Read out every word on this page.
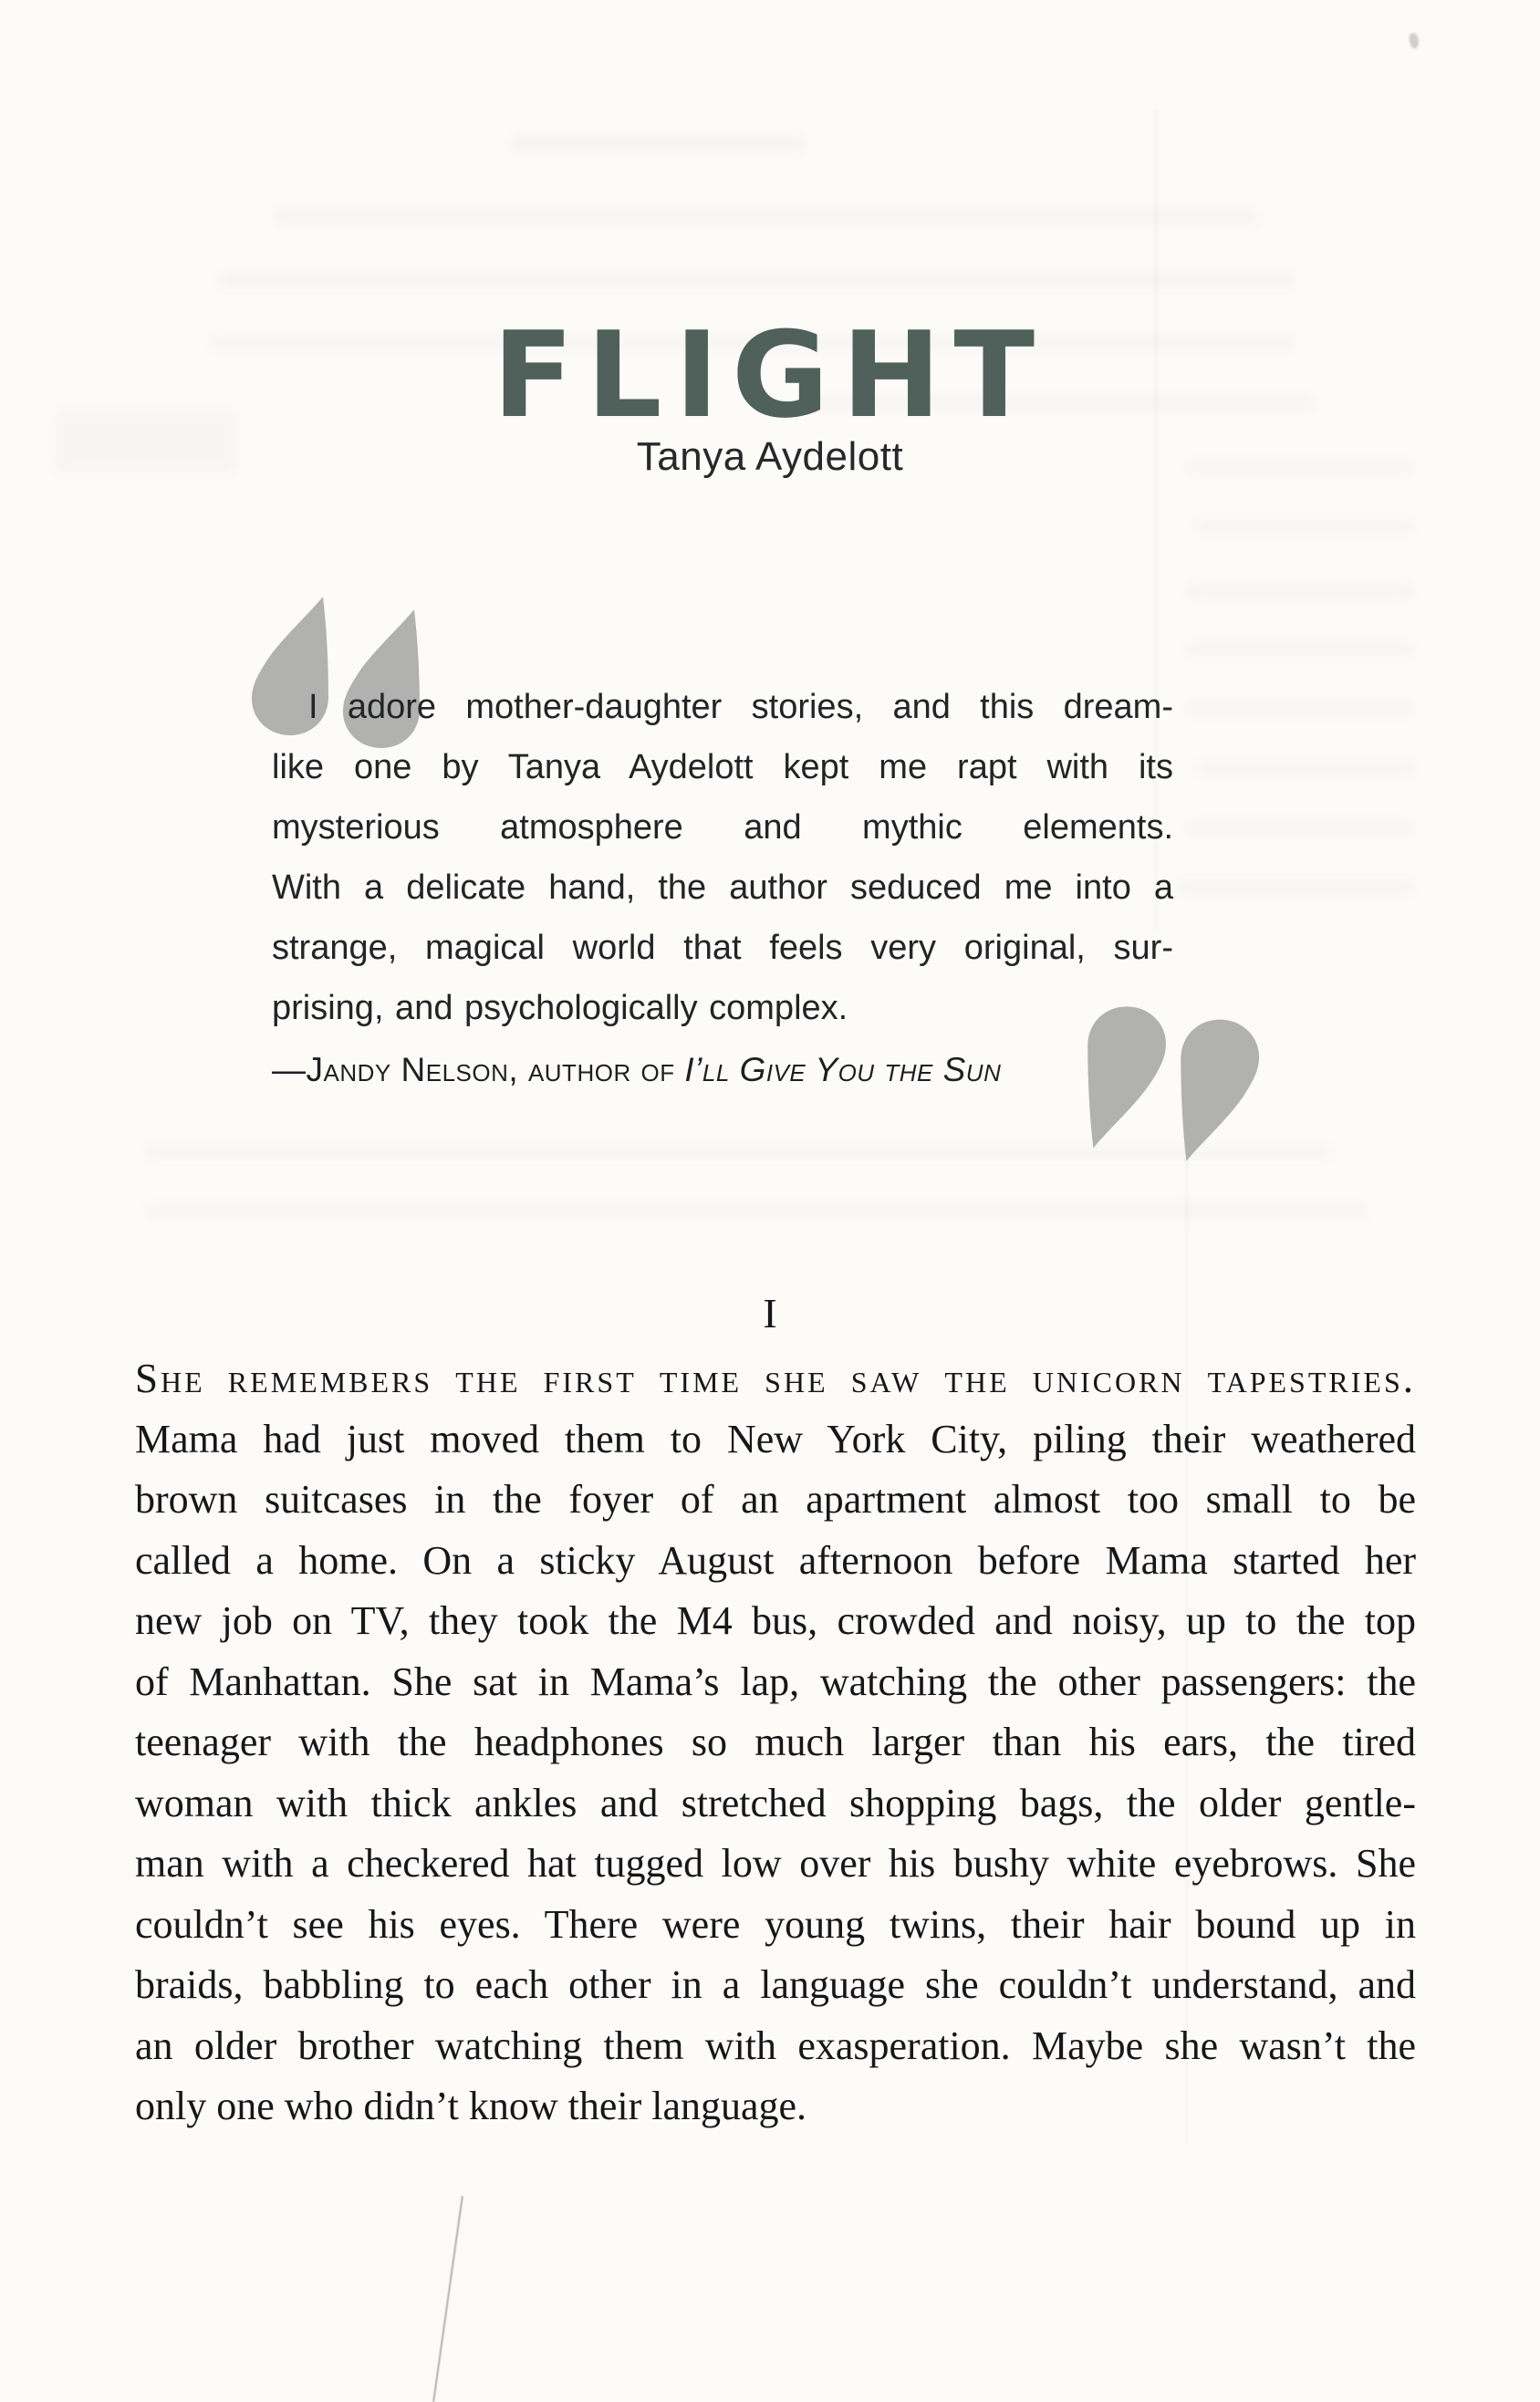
FLIGHT
Tanya Aydelott
I adore mother-daughter stories, and this dream-
like one by Tanya Aydelott kept me rapt with its
mysterious atmosphere and mythic elements.
With a delicate hand, the author seduced me into a
strange, magical world that feels very original, sur-
prising, and psychologically complex.
—Jandy Nelson, author of I’ll Give You the Sun
I
She remembers the first time she saw the unicorn tapestries.
Mama had just moved them to New York City, piling their weathered
brown suitcases in the foyer of an apartment almost too small to be
called a home. On a sticky August afternoon before Mama started her
new job on TV, they took the M4 bus, crowded and noisy, up to the top
of Manhattan. She sat in Mama’s lap, watching the other passengers: the
teenager with the headphones so much larger than his ears, the tired
woman with thick ankles and stretched shopping bags, the older gentle-
man with a checkered hat tugged low over his bushy white eyebrows. She
couldn’t see his eyes. There were young twins, their hair bound up in
braids, babbling to each other in a language she couldn’t understand, and
an older brother watching them with exasperation. Maybe she wasn’t the
only one who didn’t know their language.
